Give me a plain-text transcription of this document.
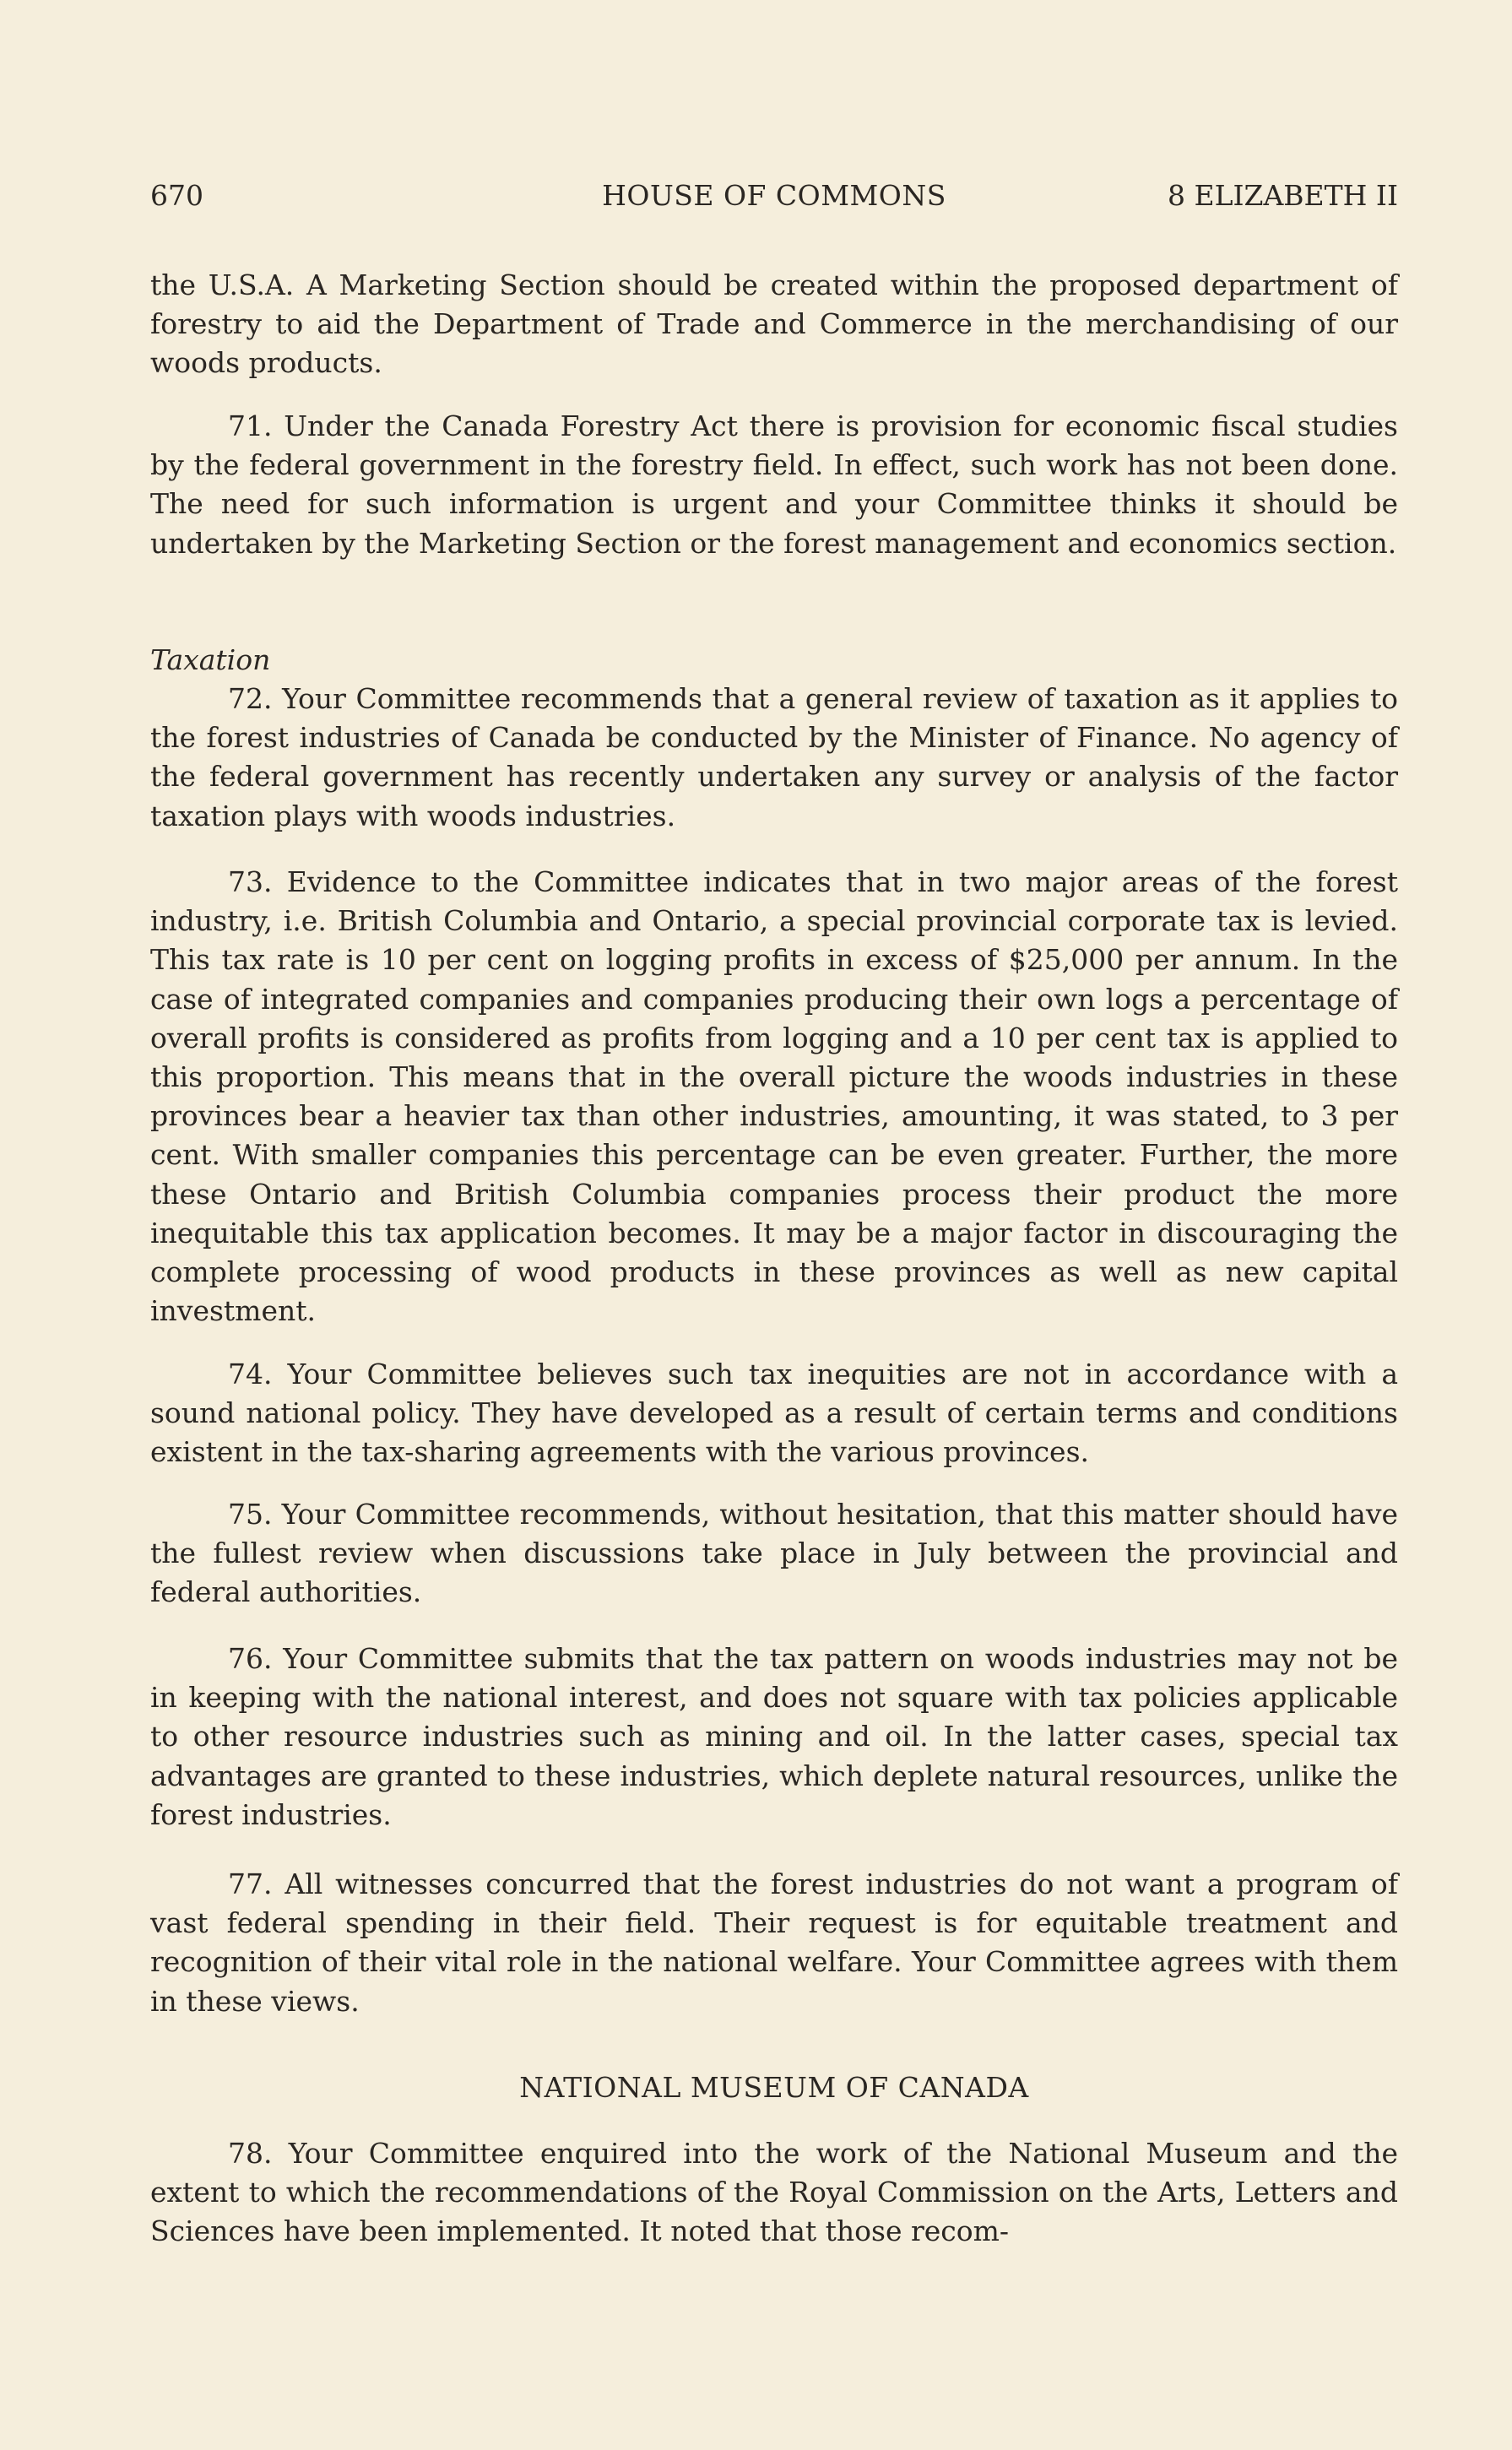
670	HOUSE OF COMMONS	8 ELIZABETH II

the U.S.A. A Marketing Section should be created within the proposed department of forestry to aid the Department of Trade and Commerce in the merchandising of our woods products.

71. Under the Canada Forestry Act there is provision for economic fiscal studies by the federal government in the forestry field. In effect, such work has not been done. The need for such information is urgent and your Committee thinks it should be undertaken by the Marketing Section or the forest management and economics section.

Taxation

72. Your Committee recommends that a general review of taxation as it applies to the forest industries of Canada be conducted by the Minister of Finance. No agency of the federal government has recently undertaken any survey or analysis of the factor taxation plays with woods industries.

73. Evidence to the Committee indicates that in two major areas of the forest industry, i.e. British Columbia and Ontario, a special provincial corporate tax is levied. This tax rate is 10 per cent on logging profits in excess of $25,000 per annum. In the case of integrated companies and companies producing their own logs a percentage of overall profits is considered as profits from logging and a 10 per cent tax is applied to this proportion. This means that in the overall picture the woods industries in these provinces bear a heavier tax than other industries, amounting, it was stated, to 3 per cent. With smaller companies this percentage can be even greater. Further, the more these Ontario and British Columbia companies process their product the more inequitable this tax application becomes. It may be a major factor in discouraging the complete processing of wood products in these provinces as well as new capital investment.

74. Your Committee believes such tax inequities are not in accordance with a sound national policy. They have developed as a result of certain terms and conditions existent in the tax-sharing agreements with the various provinces.

75. Your Committee recommends, without hesitation, that this matter should have the fullest review when discussions take place in July between the provincial and federal authorities.

76. Your Committee submits that the tax pattern on woods industries may not be in keeping with the national interest, and does not square with tax policies applicable to other resource industries such as mining and oil. In the latter cases, special tax advantages are granted to these industries, which deplete natural resources, unlike the forest industries.

77. All witnesses concurred that the forest industries do not want a program of vast federal spending in their field. Their request is for equitable treatment and recognition of their vital role in the national welfare. Your Committee agrees with them in these views.

NATIONAL MUSEUM OF CANADA

78. Your Committee enquired into the work of the National Museum and the extent to which the recommendations of the Royal Commission on the Arts, Letters and Sciences have been implemented. It noted that those recom-
